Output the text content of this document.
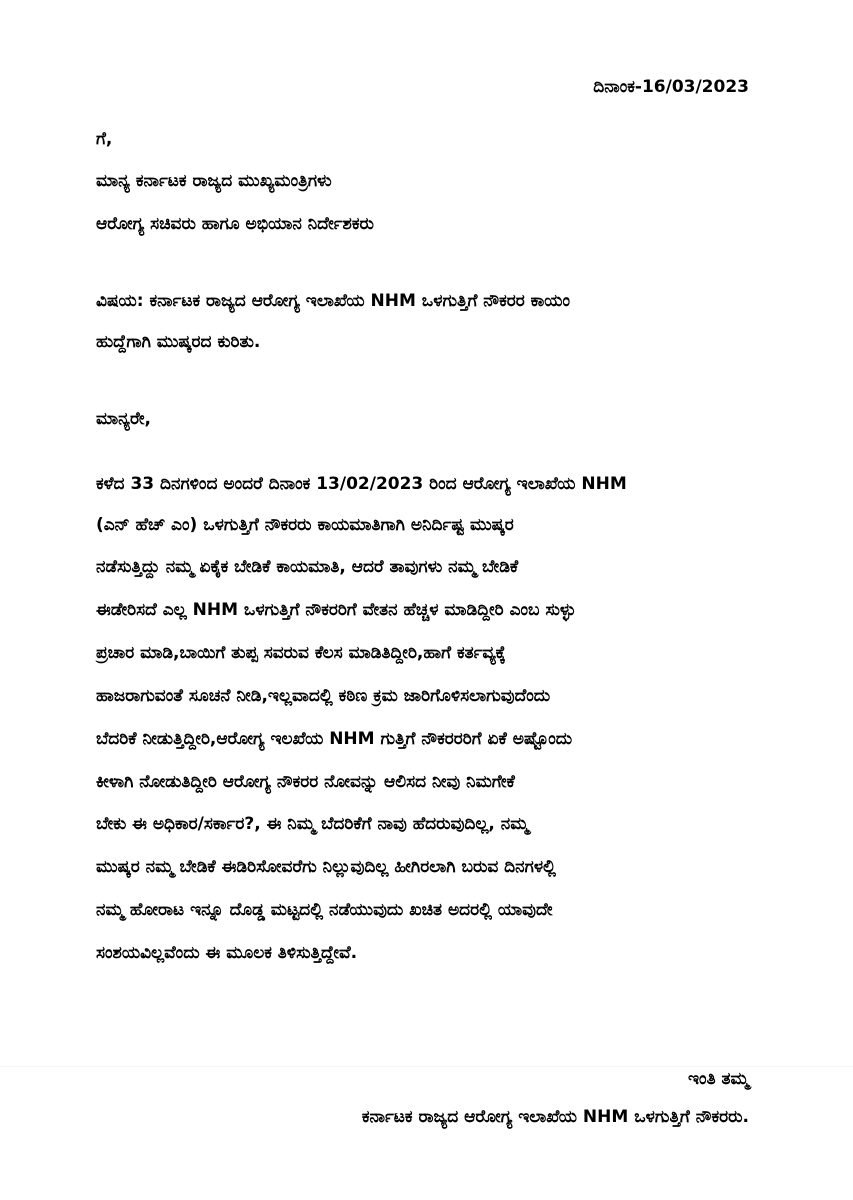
ದಿನಾಂಕ-16/03/2023
ಗೆ,
ಮಾನ್ಯ ಕರ್ನಾಟಕ ರಾಜ್ಯದ ಮುಖ್ಯಮಂತ್ರಿಗಳು
ಆರೋಗ್ಯ ಸಚಿವರು ಹಾಗೂ ಅಭಿಯಾನ ನಿರ್ದೇಶಕರು
ವಿಷಯ: ಕರ್ನಾಟಕ ರಾಜ್ಯದ ಆರೋಗ್ಯ ಇಲಾಖೆಯ NHM ಒಳಗುತ್ತಿಗೆ ನೌಕರರ ಕಾಯಂ
ಹುದ್ದೆಗಾಗಿ ಮುಷ್ಕರದ ಕುರಿತು.
ಮಾನ್ಯರೇ,
ಕಳೆದ 33 ದಿನಗಳಿಂದ ಅಂದರೆ ದಿನಾಂಕ 13/02/2023 ರಿಂದ ಆರೋಗ್ಯ ಇಲಾಖೆಯ NHM
(ಎನ್ ಹೆಚ್ ಎಂ) ಒಳಗುತ್ತಿಗೆ ನೌಕರರು ಕಾಯಮಾತಿಗಾಗಿ ಅನಿರ್ದಿಷ್ಟ ಮುಷ್ಕರ
ನಡೆಸುತ್ತಿದ್ದು ನಮ್ಮ ಏಕೈಕ ಬೇಡಿಕೆ ಕಾಯಮಾತಿ, ಆದರೆ ತಾವುಗಳು ನಮ್ಮ ಬೇಡಿಕೆ
ಈಡೇರಿಸದೆ ಎಲ್ಲ NHM ಒಳಗುತ್ತಿಗೆ ನೌಕರರಿಗೆ ವೇತನ ಹೆಚ್ಚಳ ಮಾಡಿದ್ದೀರಿ ಎಂಬ ಸುಳ್ಳು
ಪ್ರಚಾರ ಮಾಡಿ,ಬಾಯಿಗೆ ತುಪ್ಪ ಸವರುವ ಕೆಲಸ ಮಾಡಿತಿದ್ದೀರಿ,ಹಾಗೆ ಕರ್ತವ್ಯಕ್ಕೆ
ಹಾಜರಾಗುವಂತೆ ಸೂಚನೆ ನೀಡಿ,ಇಲ್ಲವಾದಲ್ಲಿ ಕಠಿಣ ಕ್ರಮ ಜಾರಿಗೊಳಿಸಲಾಗುವುದೆಂದು
ಬೆದರಿಕೆ ನೀಡುತ್ತಿದ್ದೀರಿ,ಆರೋಗ್ಯ ಇಲಖೆಯ NHM ಗುತ್ತಿಗೆ ನೌಕರರರಿಗೆ ಏಕೆ ಅಷ್ಟೊಂದು
ಕೀಳಾಗಿ ನೋಡುತಿದ್ದೀರಿ ಆರೋಗ್ಯ ನೌಕರರ ನೋವನ್ನು ಆಲಿಸದ ನೀವು ನಿಮಗೇಕೆ
ಬೇಕು ಈ ಅಧಿಕಾರ/ಸರ್ಕಾರ?, ಈ ನಿಮ್ಮ ಬೆದರಿಕೆಗೆ ನಾವು ಹೆದರುವುದಿಲ್ಲ, ನಮ್ಮ
ಮುಷ್ಕರ ನಮ್ಮ ಬೇಡಿಕೆ ಈಡಿರಿಸೋವರೆಗು ನಿಲ್ಲುವುದಿಲ್ಲ ಹೀಗಿರಲಾಗಿ ಬರುವ ದಿನಗಳಲ್ಲಿ
ನಮ್ಮ ಹೋರಾಟ ಇನ್ನೂ ದೊಡ್ಡ ಮಟ್ಟದಲ್ಲಿ ನಡೆಯುವುದು ಖಚಿತ ಅದರಲ್ಲಿ ಯಾವುದೇ
ಸಂಶಯವಿಲ್ಲವೆಂದು ಈ ಮೂಲಕ ತಿಳಿಸುತ್ತಿದ್ದೇವೆ.
ಇಂತಿ ತಮ್ಮ
ಕರ್ನಾಟಕ ರಾಜ್ಯದ ಆರೋಗ್ಯ ಇಲಾಖೆಯ NHM ಒಳಗುತ್ತಿಗೆ ನೌಕರರು.
